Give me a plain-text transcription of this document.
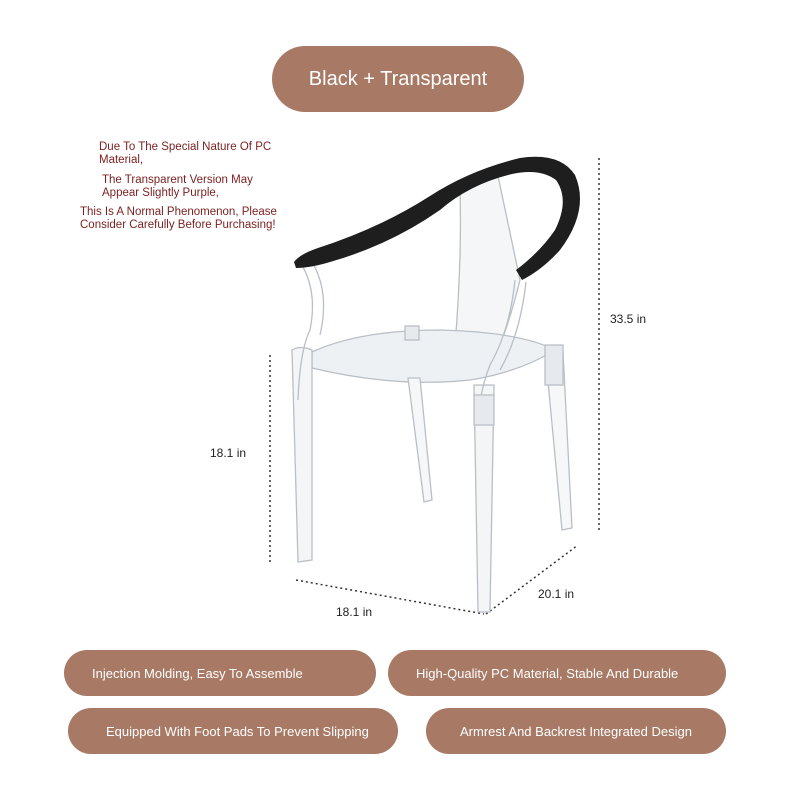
Black + Transparent
Due To The Special Nature Of PC Material,
The Transparent Version May Appear Slightly Purple,
This Is A Normal Phenomenon, Please Consider Carefully Before Purchasing!
33.5 in
18.1 in
18.1 in
20.1 in
Injection Molding, Easy To Assemble	High-Quality PC Material, Stable And Durable
Equipped With Foot Pads To Prevent Slipping	Armrest And Backrest Integrated Design
